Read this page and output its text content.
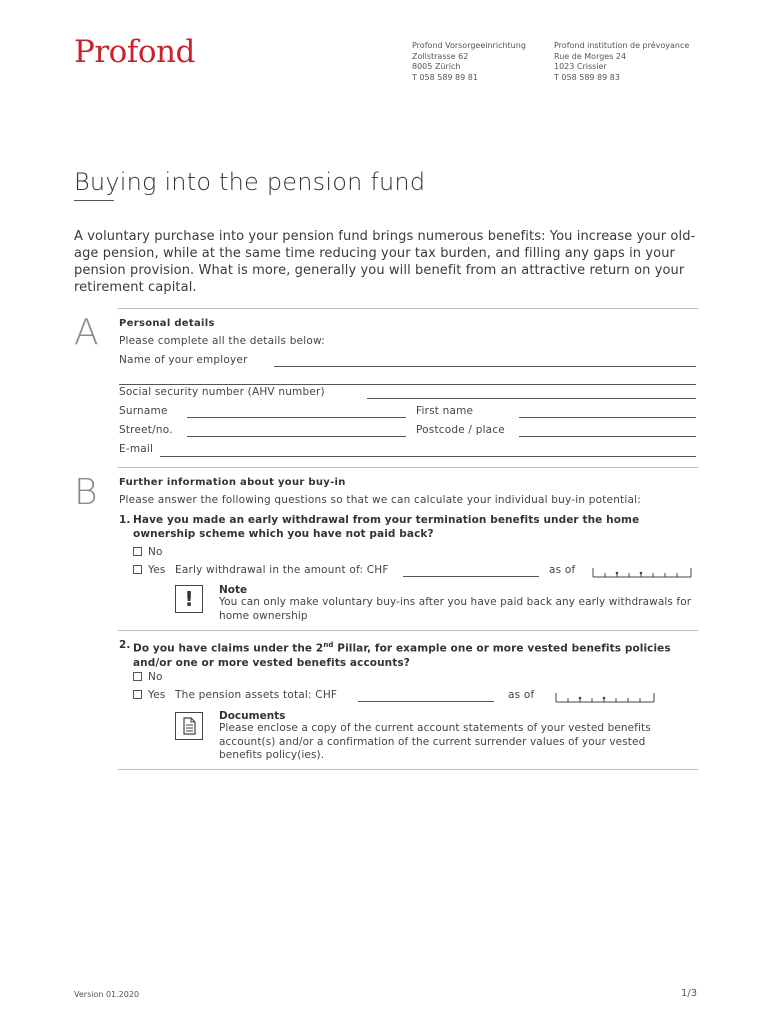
Profond	Profond Vorsorgeeinrichtung
Zollstrasse 62
8005 Zürich
T 058 589 89 81
Profond institution de prévoyance
Rue de Morges 24
1023 Crissier
T 058 589 89 83
Buying into the pension fund
A voluntary purchase into your pension fund brings numerous benefits: You increase your old-age pension, while at the same time reducing your tax burden, and filling any gaps in your pension provision. What is more, generally you will benefit from an attractive return on your retirement capital.
A Personal details
Please complete all the details below:
Name of your employer
Social security number (AHV number)
Surname	First name
Street/no.	Postcode / place
E-mail
B Further information about your buy-in
Please answer the following questions so that we can calculate your individual buy-in potential:
1. Have you made an early withdrawal from your termination benefits under the home ownership scheme which you have not paid back?
No
Yes Early withdrawal in the amount of: CHF	as of
!	Note
You can only make voluntary buy-ins after you have paid back any early withdrawals for home ownership
2. Do you have claims under the 2nd Pillar, for example one or more vested benefits policies and/or one or more vested benefits accounts?
No
Yes The pension assets total: CHF	as of
Documents
Please enclose a copy of the current account statements of your vested benefits account(s) and/or a confirmation of the current surrender values of your vested benefits policy(ies).
Version 01.2020	1/3
